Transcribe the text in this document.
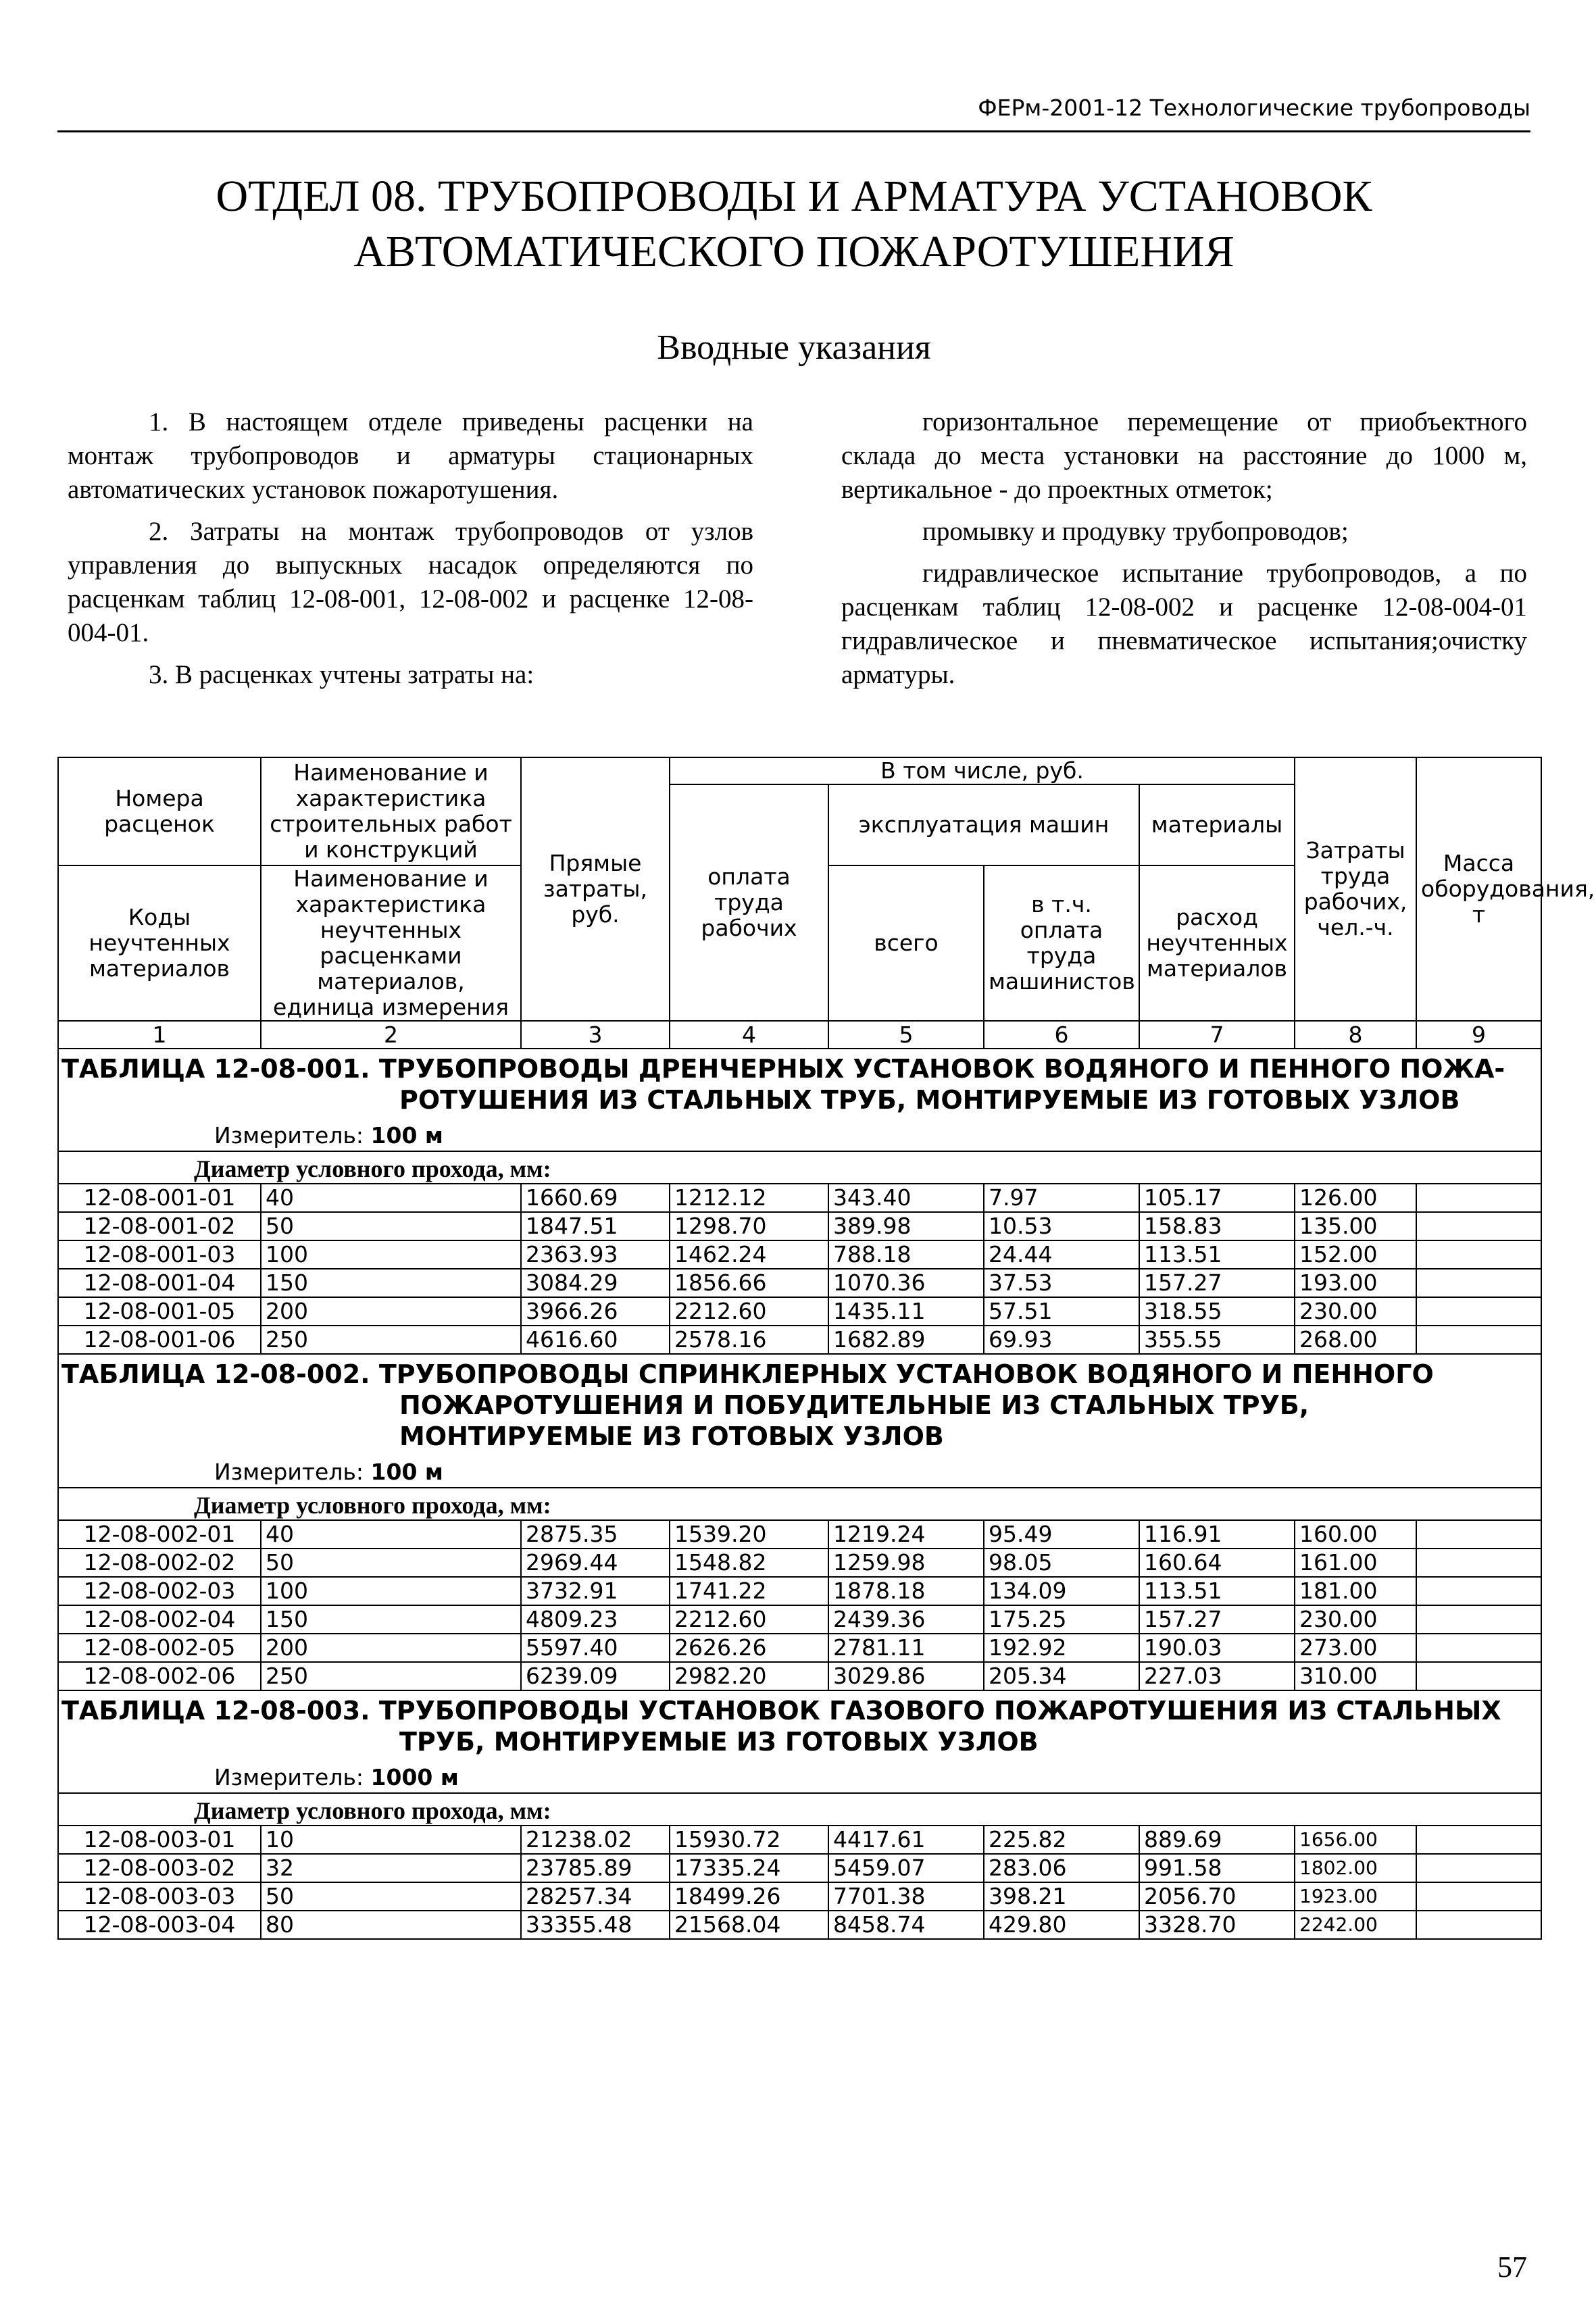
ФЕРм-2001-12 Технологические трубопроводы
ОТДЕЛ 08. ТРУБОПРОВОДЫ И АРМАТУРА УСТАНОВОК
АВТОМАТИЧЕСКОГО ПОЖАРОТУШЕНИЯ
Вводные указания

1. В настоящем отделе приведены расценки на монтаж трубопроводов и арматуры стационарных автоматических установок пожаротушения.

2. Затраты на монтаж трубопроводов от узлов управления до выпускных насадок определяются по расценкам таблиц 12-08-001, 12-08-002 и расценке 12-08-004-01.

3. В расценках учтены затраты на:

горизонтальное перемещение от приобъектного склада до места установки на расстояние до 1000 м, вертикальное - до проектных отметок;

промывку и продувку трубопроводов;

гидравлическое испытание трубопроводов, а по расценкам таблиц 12-08-002 и расценке 12-08-004-01 гидравлическое и пневматическое испытания;очистку арматуры.

Номера расценок	Наименование и характеристика строительных работ и конструкций	Прямые затраты, руб.	В том числе, руб.				Затраты труда рабочих, чел.-ч.	Масса оборудования, т
			оплата труда рабочих	эксплуатация машин		материалы		

Коды неучтенных материалов	Наименование и характеристика неучтенных расценками материалов, единица измерения			всего	в т.ч. оплата труда машинистов	расход неучтенных материалов		

1	2	3	4	5	6	7	8	9

ТАБЛИЦА 12-08-001. ТРУБОПРОВОДЫ ДРЕНЧЕРНЫХ УСТАНОВОК ВОДЯНОГО И ПЕННОГО ПОЖА-
РОТУШЕНИЯ ИЗ СТАЛЬНЫХ ТРУБ, МОНТИРУЕМЫЕ ИЗ ГОТОВЫХ УЗЛОВ								

Измеритель: 100 м								
Диаметр условного прохода, мм:								
12-08-001-01	40	1660.69	1212.12	343.40	7.97	105.17	126.00	
12-08-001-02	50	1847.51	1298.70	389.98	10.53	158.83	135.00	
12-08-001-03	100	2363.93	1462.24	788.18	24.44	113.51	152.00	
12-08-001-04	150	3084.29	1856.66	1070.36	37.53	157.27	193.00	
12-08-001-05	200	3966.26	2212.60	1435.11	57.51	318.55	230.00	
12-08-001-06	250	4616.60	2578.16	1682.89	69.93	355.55	268.00	

ТАБЛИЦА 12-08-002. ТРУБОПРОВОДЫ СПРИНКЛЕРНЫХ УСТАНОВОК ВОДЯНОГО И ПЕННОГО
ПОЖАРОТУШЕНИЯ И ПОБУДИТЕЛЬНЫЕ ИЗ СТАЛЬНЫХ ТРУБ, МОНТИРУЕМЫЕ ИЗ ГОТОВЫХ УЗЛОВ								

Измеритель: 100 м								
Диаметр условного прохода, мм:								
12-08-002-01	40	2875.35	1539.20	1219.24	95.49	116.91	160.00	
12-08-002-02	50	2969.44	1548.82	1259.98	98.05	160.64	161.00	
12-08-002-03	100	3732.91	1741.22	1878.18	134.09	113.51	181.00	
12-08-002-04	150	4809.23	2212.60	2439.36	175.25	157.27	230.00	
12-08-002-05	200	5597.40	2626.26	2781.11	192.92	190.03	273.00	
12-08-002-06	250	6239.09	2982.20	3029.86	205.34	227.03	310.00	

ТАБЛИЦА 12-08-003. ТРУБОПРОВОДЫ УСТАНОВОК ГАЗОВОГО ПОЖАРОТУШЕНИЯ ИЗ СТАЛЬНЫХ
ТРУБ, МОНТИРУЕМЫЕ ИЗ ГОТОВЫХ УЗЛОВ								

Измеритель: 1000 м								
Диаметр условного прохода, мм:								
12-08-003-01	10	21238.02	15930.72	4417.61	225.82	889.69	1656.00	
12-08-003-02	32	23785.89	17335.24	5459.07	283.06	991.58	1802.00	
12-08-003-03	50	28257.34	18499.26	7701.38	398.21	2056.70	1923.00	
12-08-003-04	80	33355.48	21568.04	8458.74	429.80	3328.70	2242.00	
57
